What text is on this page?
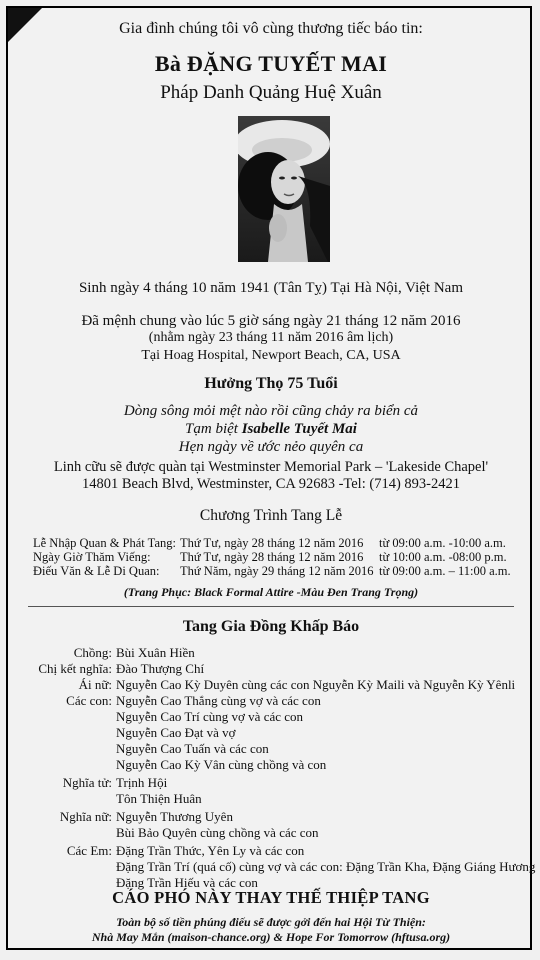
Gia đình chúng tôi vô cùng thương tiếc báo tin:
Bà ĐẶNG TUYẾT MAI
Pháp Danh Quảng Huệ Xuân
Sinh ngày 4 tháng 10 năm 1941 (Tân Tỵ) Tại Hà Nội, Việt Nam
Đã mệnh chung vào lúc 5 giờ sáng ngày 21 tháng 12 năm 2016
(nhằm ngày 23 tháng 11 năm 2016 âm lịch)
Tại Hoag Hospital, Newport Beach, CA, USA
Hưởng Thọ 75 Tuổi
Dòng sông mỏi mệt nào rồi cũng chảy ra biển cả
Tạm biệt Isabelle Tuyết Mai
Hẹn ngày về ước nẻo quyên ca
Linh cữu sẽ được quàn tại Westminster Memorial Park – 'Lakeside Chapel'
14801 Beach Blvd, Westminster, CA 92683 -Tel: (714) 893-2421
Chương Trình Tang Lễ
Lễ Nhập Quan & Phát Tang: Thứ Tư, ngày 28 tháng 12 năm 2016 từ 09:00 a.m. -10:00 a.m.
Ngày Giờ Thăm Viếng: Thứ Tư, ngày 28 tháng 12 năm 2016 từ 10:00 a.m. -08:00 p.m.
Điếu Văn & Lễ Di Quan: Thứ Năm, ngày 29 tháng 12 năm 2016 từ 09:00 a.m. – 11:00 a.m.
(Trang Phục: Black Formal Attire -Màu Đen Trang Trọng)
Tang Gia Đồng Khấp Báo
Chồng: Bùi Xuân Hiền
Chị kết nghĩa: Đào Thượng Chí
Ái nữ: Nguyễn Cao Kỳ Duyên cùng các con Nguyễn Kỳ Maili và Nguyễn Kỳ Yênli
Các con: Nguyễn Cao Thắng cùng vợ và các con
Nguyễn Cao Trí cùng vợ và các con
Nguyễn Cao Đạt và vợ
Nguyễn Cao Tuấn và các con
Nguyễn Cao Kỳ Vân cùng chồng và con
Nghĩa tử: Trịnh Hội
Tôn Thiện Huân
Nghĩa nữ: Nguyễn Thương Uyên
Bùi Bảo Quyên cùng chồng và các con
Các Em: Đặng Trần Thức, Yên Ly và các con
Đặng Trần Trí (quá cố) cùng vợ và các con: Đặng Trần Kha, Đặng Giáng Hương
Đặng Trần Hiếu và các con
CÁO PHÓ NÀY THAY THẾ THIỆP TANG
Toàn bộ số tiền phúng điếu sẽ được gởi đến hai Hội Từ Thiện:
Nhà May Mắn (maison-chance.org) & Hope For Tomorrow (hftusa.org)
